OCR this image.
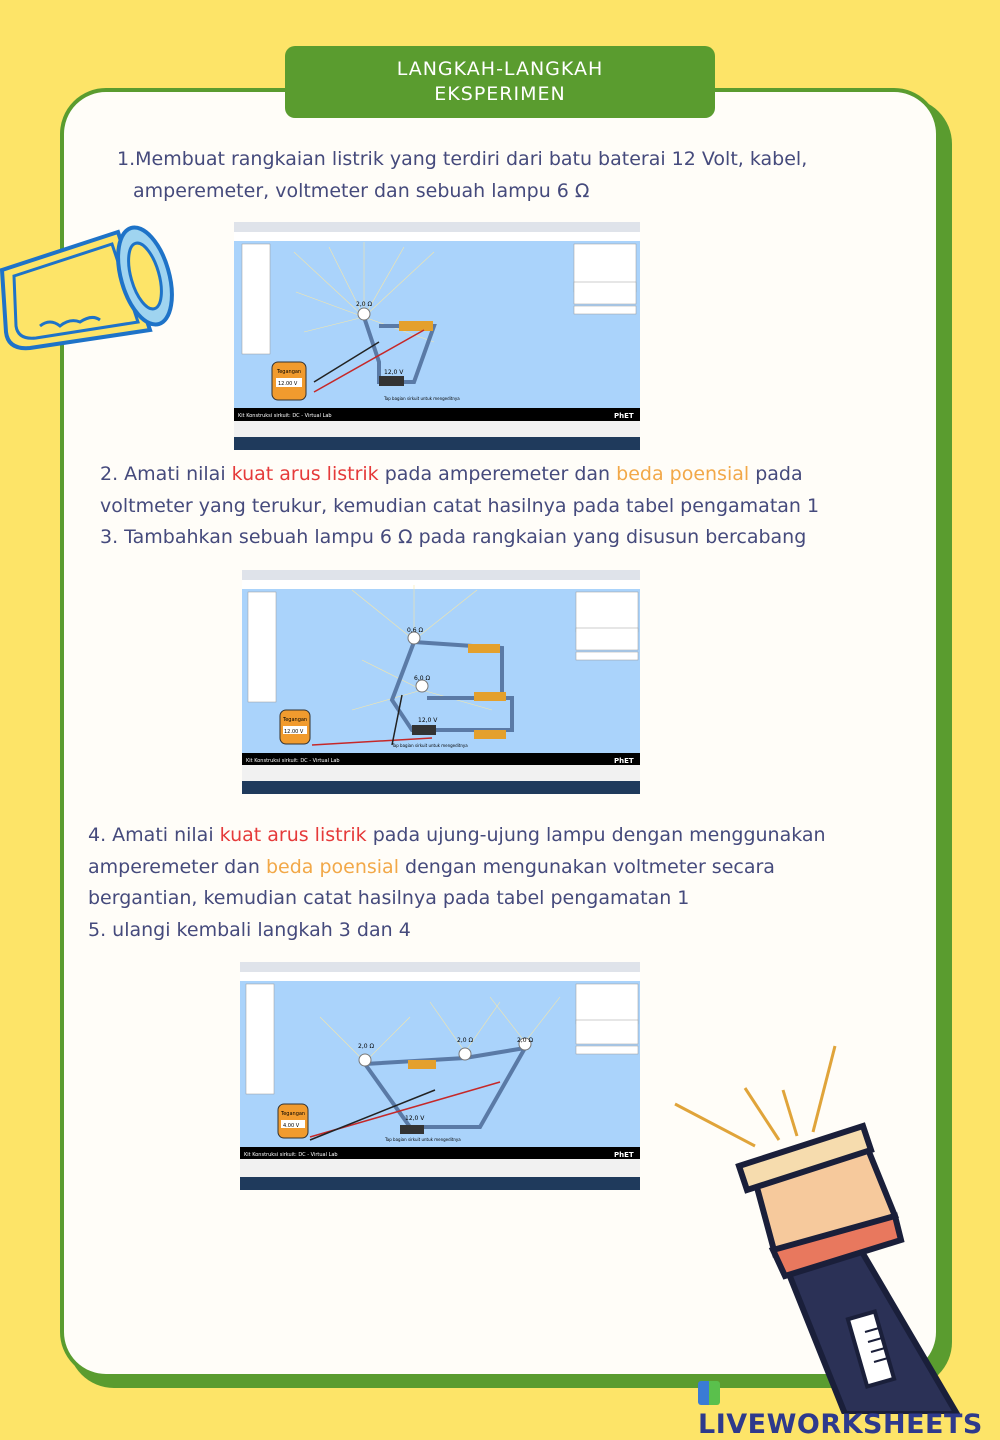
LANGKAH-LANGKAH
EKSPERIMEN

1.Membuat rangkaian listrik yang terdiri dari batu baterai 12 Volt, kabel,
amperemeter, voltmeter dan sebuah lampu 6 Ω

2,0 Ω
12,0 V
Tegangan
12.00 V
Tap bagian sirkuit untuk mengeditnya
Kit Konstruksi sirkuit: DC - Virtual Lab	PhET

2. Amati nilai kuat arus listrik pada amperemeter dan beda poensial pada
voltmeter yang terukur, kemudian catat hasilnya pada tabel pengamatan 1
3. Tambahkan sebuah lampu 6 Ω pada rangkaian yang disusun bercabang

0,6 Ω
6,0 Ω
12,0 V
Tegangan
12.00 V
Tap bagian sirkuit untuk mengeditnya
Kit Konstruksi sirkuit: DC - Virtual Lab	PhET

4. Amati nilai kuat arus listrik pada ujung-ujung lampu dengan menggunakan
amperemeter dan beda poensial dengan mengunakan voltmeter secara
bergantian, kemudian catat hasilnya pada tabel pengamatan 1
5. ulangi kembali langkah 3 dan 4

2,0 Ω
2,0 Ω	2,0 Ω
12,0 V
Tegangan
4.00 V
Tap bagian sirkuit untuk mengeditnya
Kit Konstruksi sirkuit: DC - Virtual Lab	PhET
LIVEWORKSHEETS
